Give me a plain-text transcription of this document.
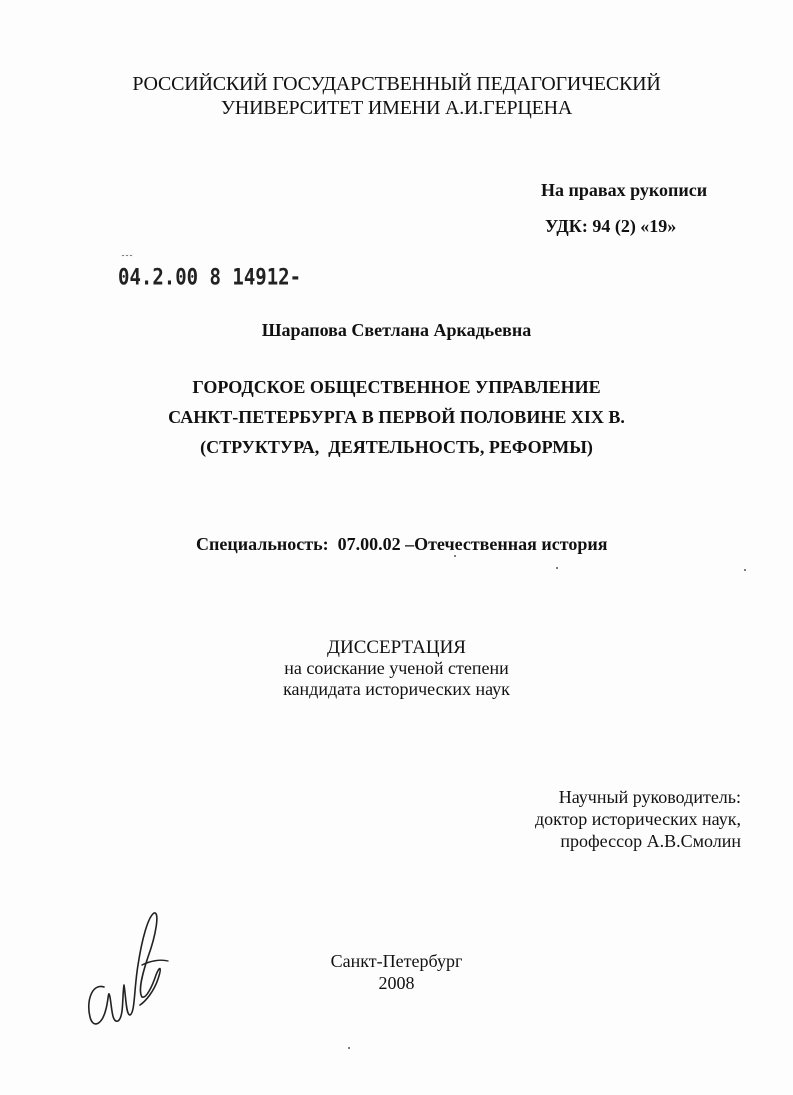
РОССИЙСКИЙ ГОСУДАРСТВЕННЫЙ ПЕДАГОГИЧЕСКИЙ
УНИВЕРСИТЕТ ИМЕНИ А.И.ГЕРЦЕНА
На правах рукописи
УДК: 94 (2) «19»
˘˘˘
04.2.00 8 14912-
Шарапова Светлана Аркадьевна
ГОРОДСКОЕ ОБЩЕСТВЕННОЕ УПРАВЛЕНИЕ
САНКТ-ПЕТЕРБУРГА В ПЕРВОЙ ПОЛОВИНЕ XIX В.
(СТРУКТУРА,  ДЕЯТЕЛЬНОСТЬ, РЕФОРМЫ)
Специальность:  07.00.02 –Отечественная история
ДИССЕРТАЦИЯ
на соискание ученой степени
кандидата исторических наук
Научный руководитель:
доктор исторических наук,
профессор А.В.Смолин
Санкт-Петербург
2008
